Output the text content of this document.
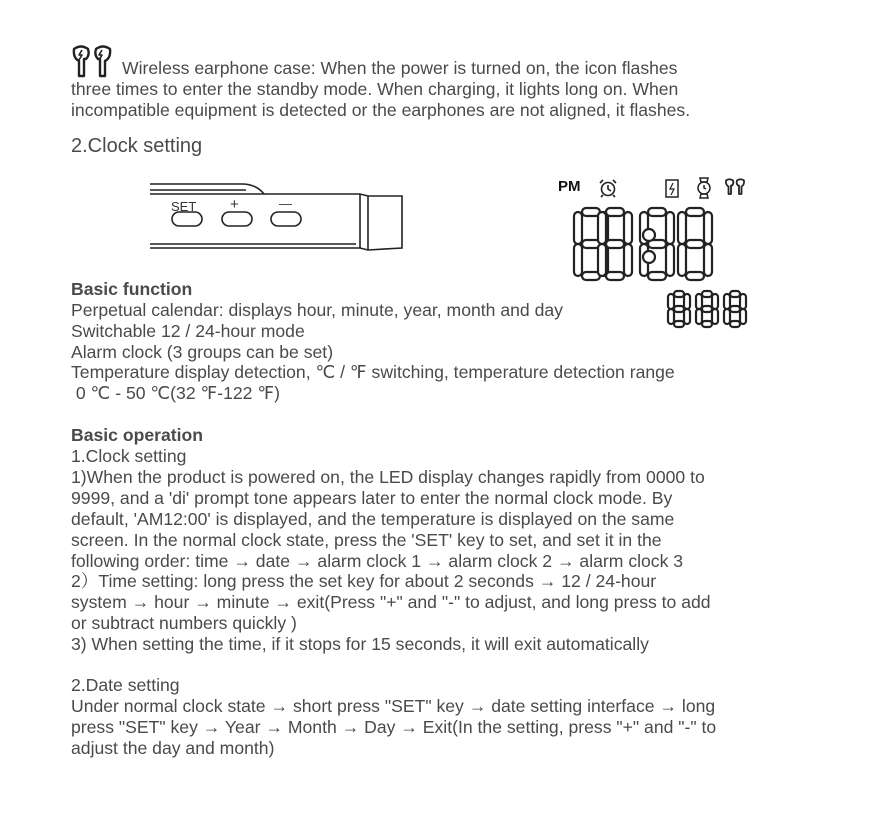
Wireless earphone case: When the power is turned on, the icon flashes
three times to enter the standby mode. When charging, it lights long on. When
incompatible equipment is detected or the earphones are not aligned, it flashes.
2.Clock setting
SET +	—
PM
Basic function
Perpetual calendar: displays hour, minute, year, month and day
Switchable 12 / 24-hour mode
Alarm clock (3 groups can be set)
Temperature display detection, ℃ / ℉ switching, temperature detection range
0 ℃ - 50 ℃(32 ℉-122 ℉)
Basic operation
1.Clock setting
1)When the product is powered on, the LED display changes rapidly from 0000 to
9999, and a 'di' prompt tone appears later to enter the normal clock mode. By
default, 'AM12:00' is displayed, and the temperature is displayed on the same
screen. In the normal clock state, press the 'SET' key to set, and set it in the
following order: time → date → alarm clock 1 → alarm clock 2 → alarm clock 3
2）Time setting: long press the set key for about 2 seconds → 12 / 24-hour
system → hour → minute → exit(Press "+" and "-" to adjust, and long press to add
or subtract numbers quickly )
3) When setting the time, if it stops for 15 seconds, it will exit automatically
2.Date setting
Under normal clock state → short press "SET" key → date setting interface → long
press "SET" key → Year → Month → Day → Exit(In the setting, press "+" and "-" to
adjust the day and month)
